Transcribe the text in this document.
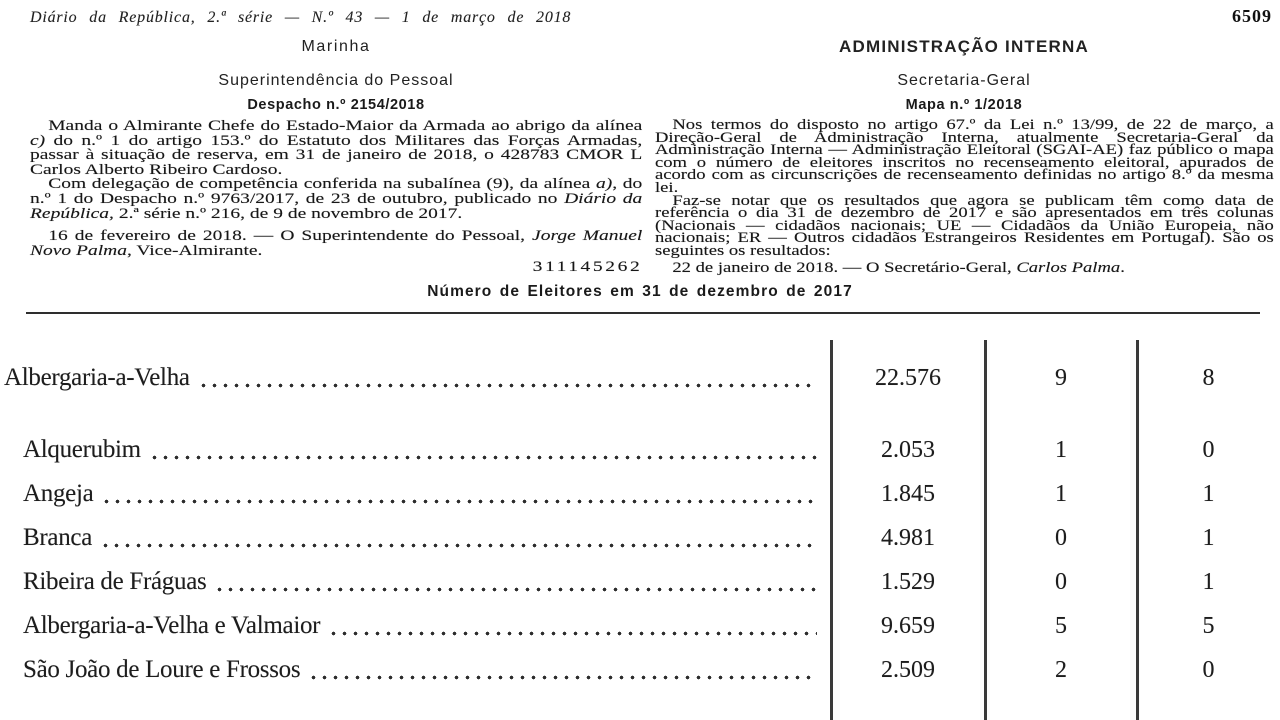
Diário da República, 2.ª série — N.º 43 — 1 de março de 2018	6509
Marinha
Superintendência do Pessoal
Despacho n.º 2154/2018

Manda o Almirante Chefe do Estado-Maior da Armada ao abrigo da alínea c) do n.º 1 do artigo 153.º do Estatuto dos Militares das Forças Armadas, passar à situação de reserva, em 31 de janeiro de 2018, o 428783 CMOR L Carlos Alberto Ribeiro Cardoso.

Com delegação de competência conferida na subalínea (9), da alínea a), do n.º 1 do Despacho n.º 9763/2017, de 23 de outubro, publicado no Diário da República, 2.ª série n.º 216, de 9 de novembro de 2017.

16 de fevereiro de 2018. — O Superintendente do Pessoal, Jorge Manuel Novo Palma, Vice-Almirante.

311145262
ADMINISTRAÇÃO INTERNA
Secretaria-Geral
Mapa n.º 1/2018

Nos termos do disposto no artigo 67.º da Lei n.º 13/99, de 22 de março, a Direção-Geral de Administração Interna, atualmente Secretaria-Geral da Administração Interna — Administração Eleitoral (SGAI-AE) faz público o mapa com o número de eleitores inscritos no recenseamento eleitoral, apurados de acordo com as circunscrições de recenseamento definidas no artigo 8.º da mesma lei.

Faz-se notar que os resultados que agora se publicam têm como data de referência o dia 31 de dezembro de 2017 e são apresentados em três colunas (Nacionais — cidadãos nacionais; UE — Cidadãos da União Europeia, não nacionais; ER — Outros cidadãos Estrangeiros Residentes em Portugal). São os seguintes os resultados:

22 de janeiro de 2018. — O Secretário-Geral, Carlos Palma.

Número de Eleitores em 31 de dezembro de 2017
Albergaria-a-Velha	22.576	9	8
Alquerubim	2.053	1	0
Angeja	1.845	1	1
Branca	4.981	0	1
Ribeira de Fráguas	1.529	0	1
Albergaria-a-Velha e Valmaior	9.659	5	5
São João de Loure e Frossos	2.509	2	0
